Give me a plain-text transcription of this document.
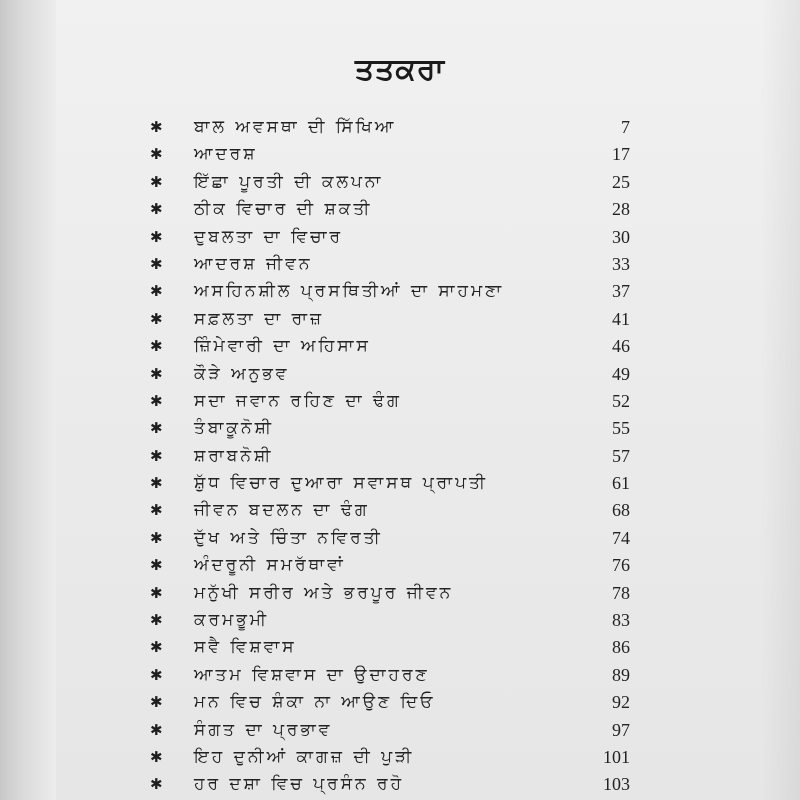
ਤਤਕਰਾ
✱ ਬਾਲ ਅਵਸਥਾ ਦੀ ਸਿੱਖਿਆ	7
✱ ਆਦਰਸ਼	17
✱ ਇੱਛਾ ਪੂਰਤੀ ਦੀ ਕਲਪਨਾ	25
✱ ਠੀਕ ਵਿਚਾਰ ਦੀ ਸ਼ਕਤੀ	28
✱ ਦੁਬਲਤਾ ਦਾ ਵਿਚਾਰ	30
✱ ਆਦਰਸ਼ ਜੀਵਨ	33
✱ ਅਸਹਿਨਸ਼ੀਲ ਪ੍ਰਸਥਿਤੀਆਂ ਦਾ ਸਾਹਮਣਾ	37
✱ ਸਫ਼ਲਤਾ ਦਾ ਰਾਜ਼	41
✱ ਜ਼ਿੰਮੇਵਾਰੀ ਦਾ ਅਹਿਸਾਸ	46
✱ ਕੌੜੇ ਅਨੁਭਵ	49
✱ ਸਦਾ ਜਵਾਨ ਰਹਿਣ ਦਾ ਢੰਗ	52
✱ ਤੰਬਾਕੂਨੋਸ਼ੀ	55
✱ ਸ਼ਰਾਬਨੋਸ਼ੀ	57
✱ ਸ਼ੁੱਧ ਵਿਚਾਰ ਦੁਆਰਾ ਸਵਾਸਥ ਪ੍ਰਾਪਤੀ	61
✱ ਜੀਵਨ ਬਦਲਨ ਦਾ ਢੰਗ	68
✱ ਦੁੱਖ ਅਤੇ ਚਿੰਤਾ ਨਵਿਰਤੀ	74
✱ ਅੰਦਰੂਨੀ ਸਮਰੱਥਾਵਾਂ	76
✱ ਮਨੁੱਖੀ ਸਰੀਰ ਅਤੇ ਭਰਪੂਰ ਜੀਵਨ	78
✱ ਕਰਮਭੂਮੀ	83
✱ ਸਵੈ ਵਿਸ਼ਵਾਸ	86
✱ ਆਤਮ ਵਿਸ਼ਵਾਸ ਦਾ ਉਦਾਹਰਣ	89
✱ ਮਨ ਵਿਚ ਸ਼ੰਕਾ ਨਾ ਆਉਣ ਦਿਓ	92
✱ ਸੰਗਤ ਦਾ ਪ੍ਰਭਾਵ	97
✱ ਇਹ ਦੁਨੀਆਂ ਕਾਗਜ਼ ਦੀ ਪੁੜੀ	101
✱ ਹਰ ਦਸ਼ਾ ਵਿਚ ਪ੍ਰਸੰਨ ਰਹੋ	103
